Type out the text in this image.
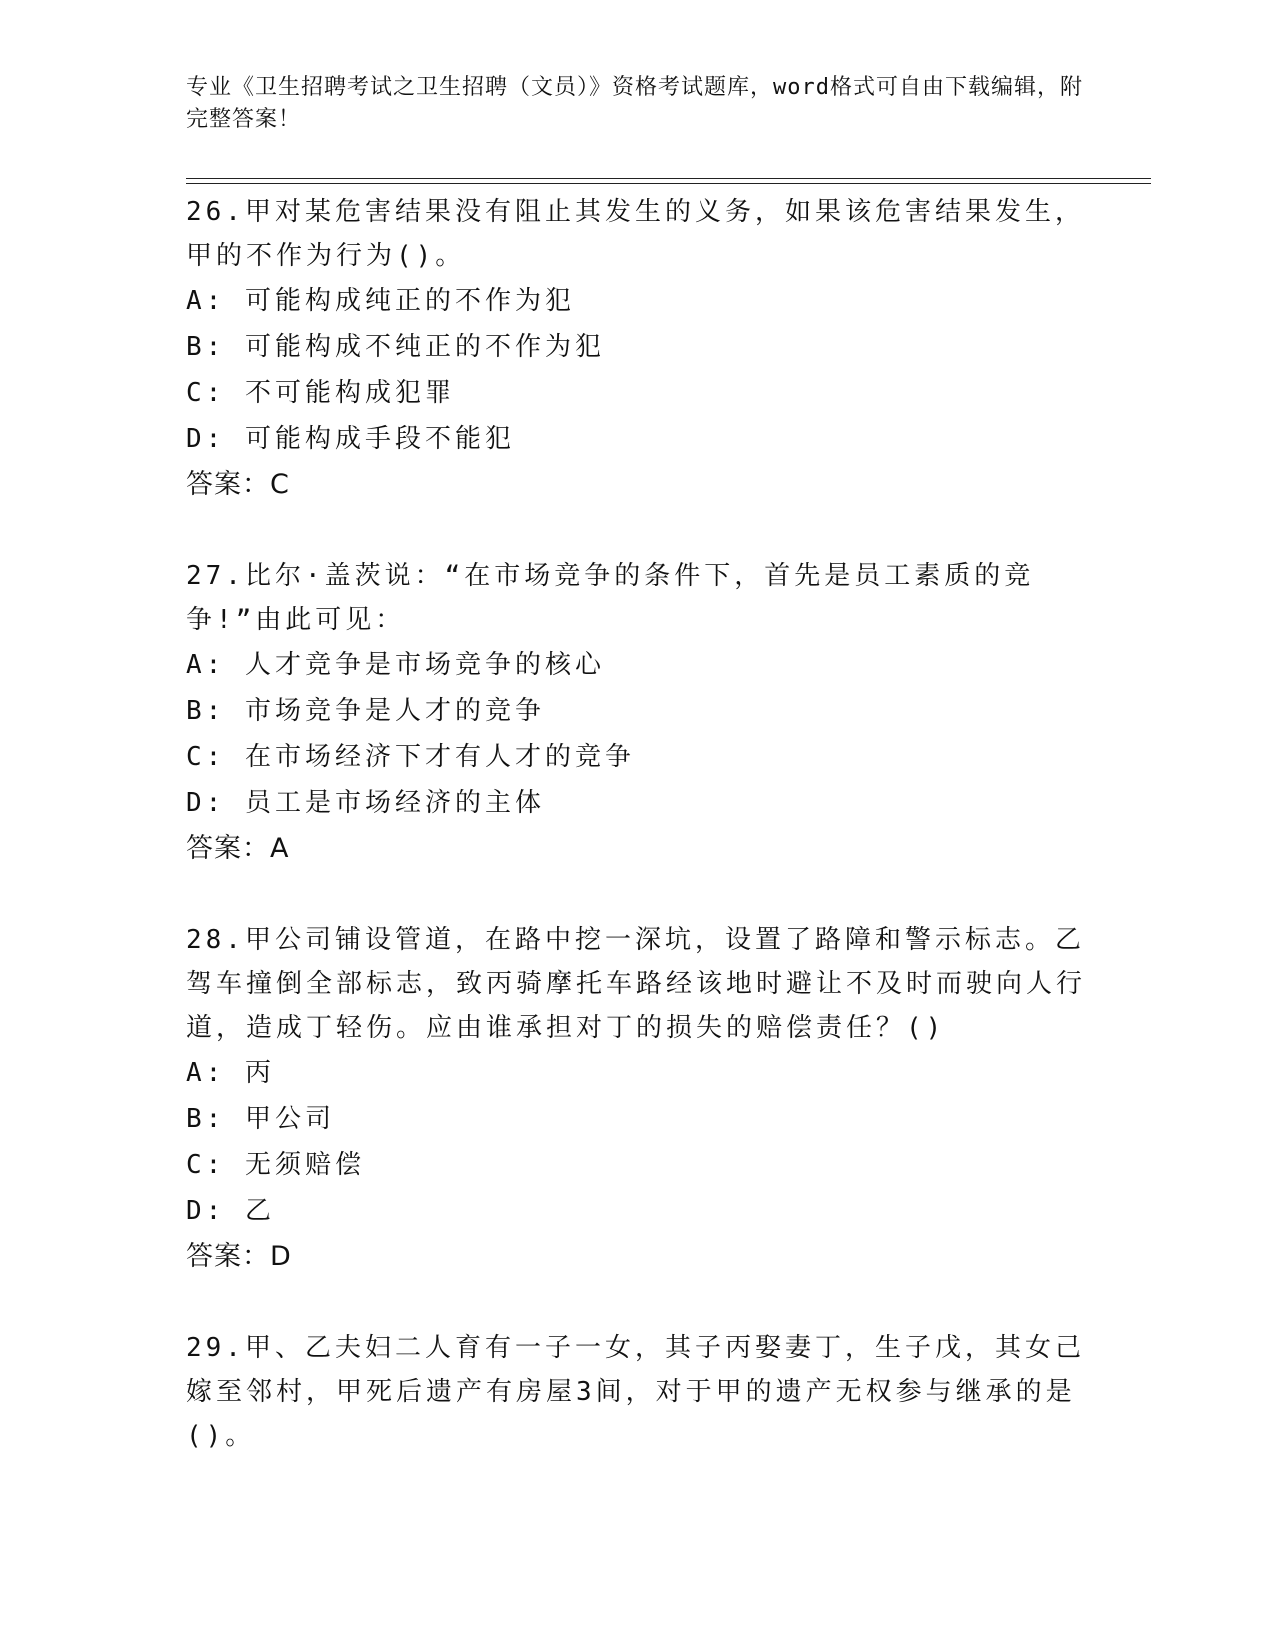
专业《卫生招聘考试之卫生招聘（文员）》资格考试题库，word格式可自由下载编辑，附完整答案！

26.甲对某危害结果没有阻止其发生的义务，如果该危害结果发生，甲的不作为行为()。

A: 可能构成纯正的不作为犯
B: 可能构成不纯正的不作为犯
C: 不可能构成犯罪
D: 可能构成手段不能犯
答案：C

27.比尔·盖茨说：“在市场竞争的条件下，首先是员工素质的竞争!”由此可见：

A: 人才竞争是市场竞争的核心
B: 市场竞争是人才的竞争
C: 在市场经济下才有人才的竞争
D: 员工是市场经济的主体
答案：A

28.甲公司铺设管道，在路中挖一深坑，设置了路障和警示标志。乙驾车撞倒全部标志，致丙骑摩托车路经该地时避让不及时而驶向人行道，造成丁轻伤。应由谁承担对丁的损失的赔偿责任？()

A: 丙
B: 甲公司
C: 无须赔偿
D: 乙
答案：D

29.甲、乙夫妇二人育有一子一女，其子丙娶妻丁，生子戊，其女己嫁至邻村，甲死后遗产有房屋3间，对于甲的遗产无权参与继承的是()。
